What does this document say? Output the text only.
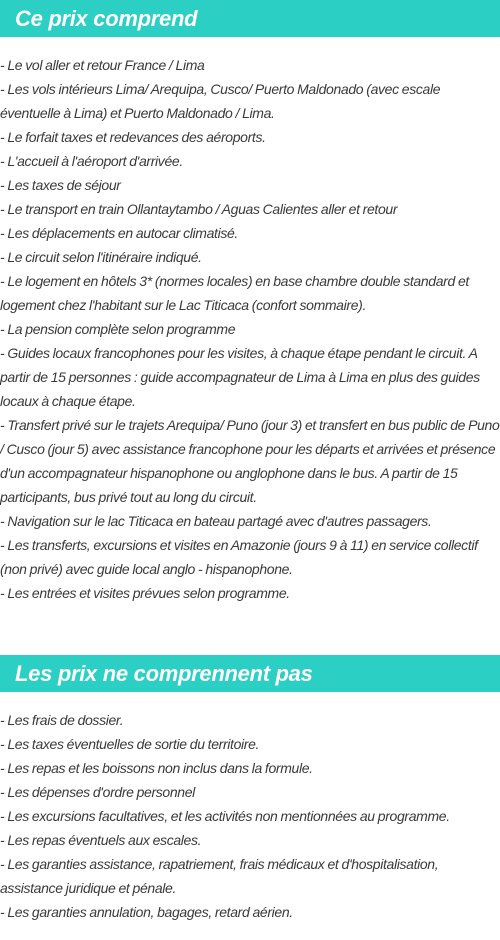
Ce prix comprend
- Le vol aller et retour France / Lima
- Les vols intérieurs Lima/ Arequipa, Cusco/ Puerto Maldonado (avec escale éventuelle à Lima) et Puerto Maldonado / Lima.
- Le forfait taxes et redevances des aéroports.
- L'accueil à l'aéroport d'arrivée.
- Les taxes de séjour
- Le transport en train Ollantaytambo / Aguas Calientes aller et retour
- Les déplacements en autocar climatisé.
- Le circuit selon l'itinéraire indiqué.
- Le logement en hôtels 3* (normes locales) en base chambre double standard et logement chez l'habitant sur le Lac Titicaca (confort sommaire).
- La pension complète selon programme
- Guides locaux francophones pour les visites, à chaque étape pendant le circuit. A partir de 15 personnes : guide accompagnateur de Lima à Lima en plus des guides locaux à chaque étape.
- Transfert privé sur le trajets Arequipa/ Puno (jour 3) et transfert en bus public de Puno / Cusco (jour 5) avec assistance francophone pour les départs et arrivées et présence d'un accompagnateur hispanophone ou anglophone dans le bus. A partir de 15 participants, bus privé tout au long du circuit.
- Navigation sur le lac Titicaca en bateau partagé avec d'autres passagers.
- Les transferts, excursions et visites en Amazonie (jours 9 à 11) en service collectif (non privé) avec guide local anglo - hispanophone.
- Les entrées et visites prévues selon programme.
Les prix ne comprennent pas
- Les frais de dossier.
- Les taxes éventuelles de sortie du territoire.
- Les repas et les boissons non inclus dans la formule.
- Les dépenses d'ordre personnel
- Les excursions facultatives, et les activités non mentionnées au programme.
- Les repas éventuels aux escales.
- Les garanties assistance, rapatriement, frais médicaux et d'hospitalisation, assistance juridique et pénale.
- Les garanties annulation, bagages, retard aérien.
